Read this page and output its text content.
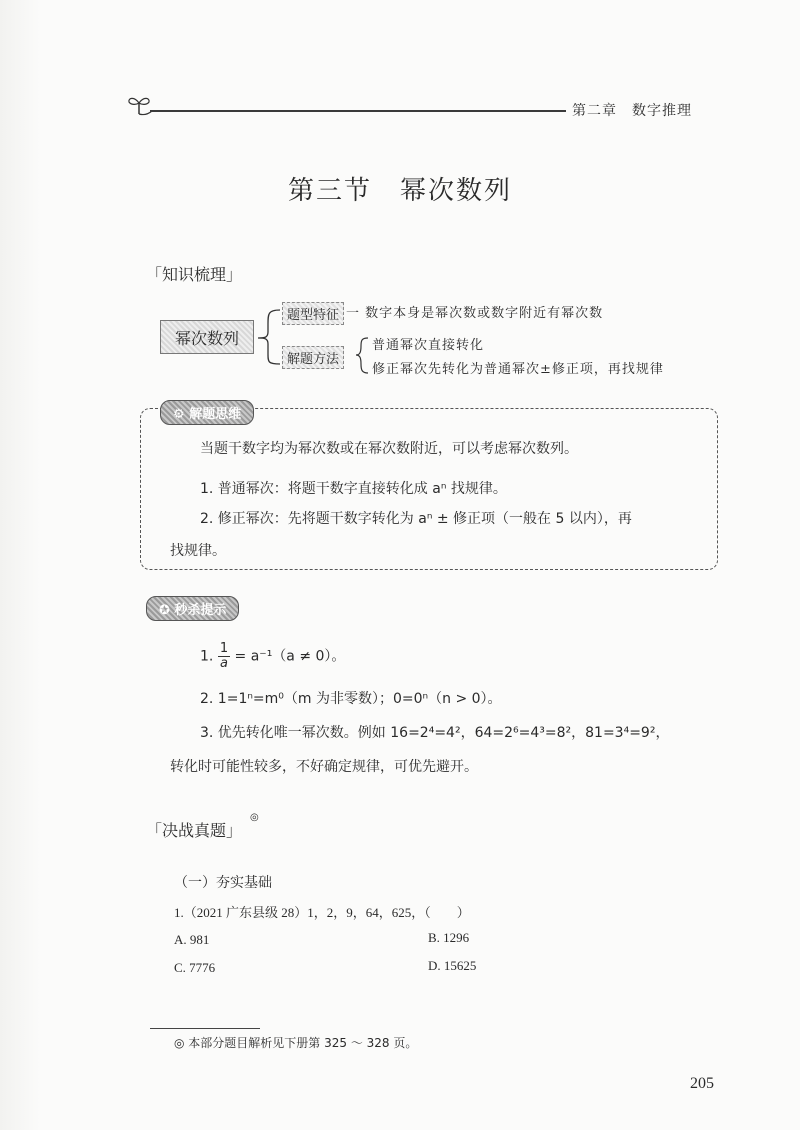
第二章　数字推理
第三节　幂次数列
「知识梳理」
幂次数列
题型特征 一 数字本身是幂次数或数字附近有幂次数
解题方法
普通幂次直接转化
修正幂次先转化为普通幂次±修正项，再找规律
⚙ 解题思维
当题干数字均为幂次数或在幂次数附近，可以考虑幂次数列。
1. 普通幂次：将题干数字直接转化成 aⁿ 找规律。
2. 修正幂次：先将题干数字转化为 aⁿ ± 修正项（一般在 5 以内），再
找规律。
✪ 秒杀提示
1. $\frac{1}{a} = a^{-1}(a \ne 0)$。
2. 1=1ⁿ=m⁰（m 为非零数）；0=0ⁿ（n > 0）。
3. 优先转化唯一幂次数。例如 16=2⁴=4²，64=2⁶=4³=8²，81=3⁴=9²，
转化时可能性较多，不好确定规律，可优先避开。
「决战真题」
◎
（一）夯实基础
1.（2021 广东县级 28）1，2，9，64，625，（　　）
A. 981	B. 1296
C. 7776	D. 15625
◎ 本部分题目解析见下册第 325 ～ 328 页。
205
